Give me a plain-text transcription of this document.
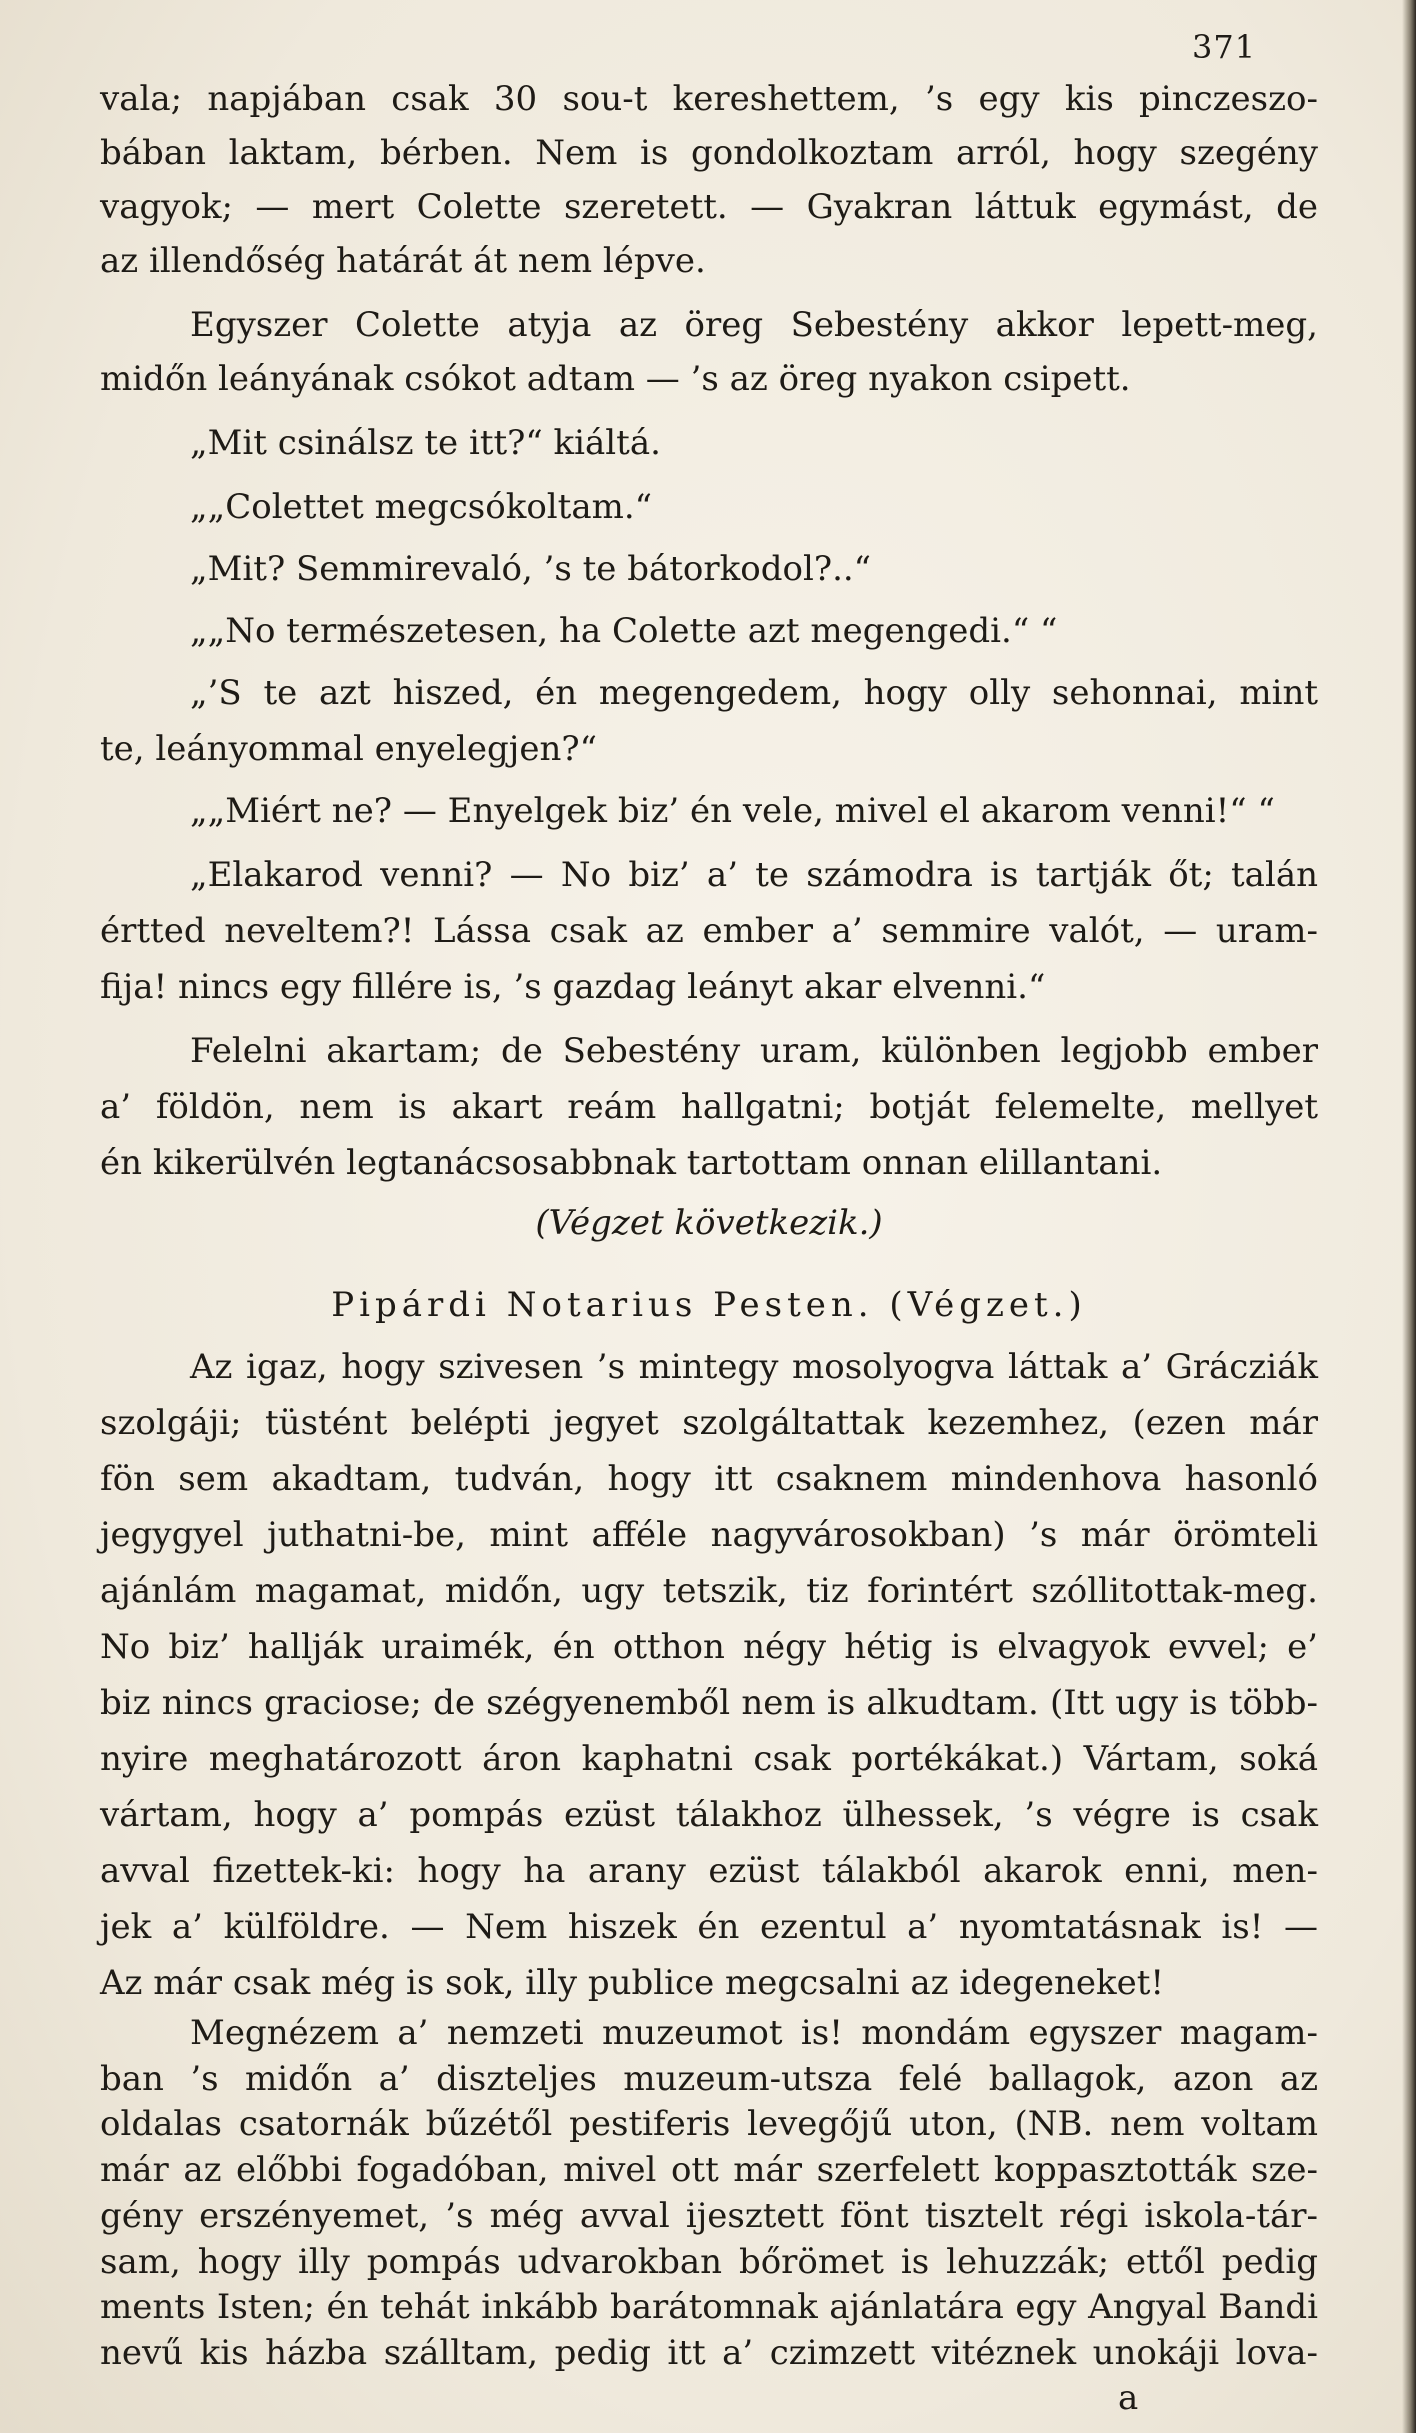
371
vala; napjában csak 30 sou-t kereshettem, ’s egy kis pinczeszo-
bában laktam, bérben. Nem is gondolkoztam arról, hogy szegény
vagyok; — mert Colette szeretett. — Gyakran láttuk egymást, de
az illendőség határát át nem lépve.
Egyszer Colette atyja az öreg Sebestény akkor lepett-meg,
midőn leányának csókot adtam — ’s az öreg nyakon csipett.
„Mit csinálsz te itt?“ kiáltá.
„„Colettet megcsókoltam.“
„Mit? Semmirevaló, ’s te bátorkodol?..“
„„No természetesen, ha Colette azt megengedi.“ “
„’S te azt hiszed, én megengedem, hogy olly sehonnai, mint
te, leányommal enyelegjen?“
„„Miért ne? — Enyelgek biz’ én vele, mivel el akarom venni!“ “
„Elakarod venni? — No biz’ a’ te számodra is tartják őt; talán
értted neveltem?! Lássa csak az ember a’ semmire valót, — uram-
fija! nincs egy fillére is, ’s gazdag leányt akar elvenni.“
Felelni akartam; de Sebestény uram, különben legjobb ember
a’ földön, nem is akart reám hallgatni; botját felemelte, mellyet
én kikerülvén legtanácsosabbnak tartottam onnan elillantani.
(Végzet következik.)
Pipárdi Notarius Pesten. (Végzet.)
Az igaz, hogy szivesen ’s mintegy mosolyogva láttak a’ Grácziák
szolgáji; tüstént belépti jegyet szolgáltattak kezemhez, (ezen már
fön sem akadtam, tudván, hogy itt csaknem mindenhova hasonló
jegygyel juthatni-be, mint afféle nagyvárosokban) ’s már örömteli
ajánlám magamat, midőn, ugy tetszik, tiz forintért szóllitottak-meg.
No biz’ hallják uraimék, én otthon négy hétig is elvagyok evvel; e’
biz nincs graciose; de szégyenemből nem is alkudtam. (Itt ugy is több-
nyire meghatározott áron kaphatni csak portékákat.) Vártam, soká
vártam, hogy a’ pompás ezüst tálakhoz ülhessek, ’s végre is csak
avval fizettek-ki: hogy ha arany ezüst tálakból akarok enni, men-
jek a’ külföldre. — Nem hiszek én ezentul a’ nyomtatásnak is! —
Az már csak még is sok, illy publice megcsalni az idegeneket!
Megnézem a’ nemzeti muzeumot is! mondám egyszer magam-
ban ’s midőn a’ diszteljes muzeum-utsza felé ballagok, azon az
oldalas csatornák bűzétől pestiferis levegőjű uton, (NB. nem voltam
már az előbbi fogadóban, mivel ott már szerfelett koppasztották sze-
gény erszényemet, ’s még avval ijesztett fönt tisztelt régi iskola-tár-
sam, hogy illy pompás udvarokban bőrömet is lehuzzák; ettől pedig
ments Isten; én tehát inkább barátomnak ajánlatára egy Angyal Bandi
nevű kis házba szálltam, pedig itt a’ czimzett vitéznek unokáji lova-
a
